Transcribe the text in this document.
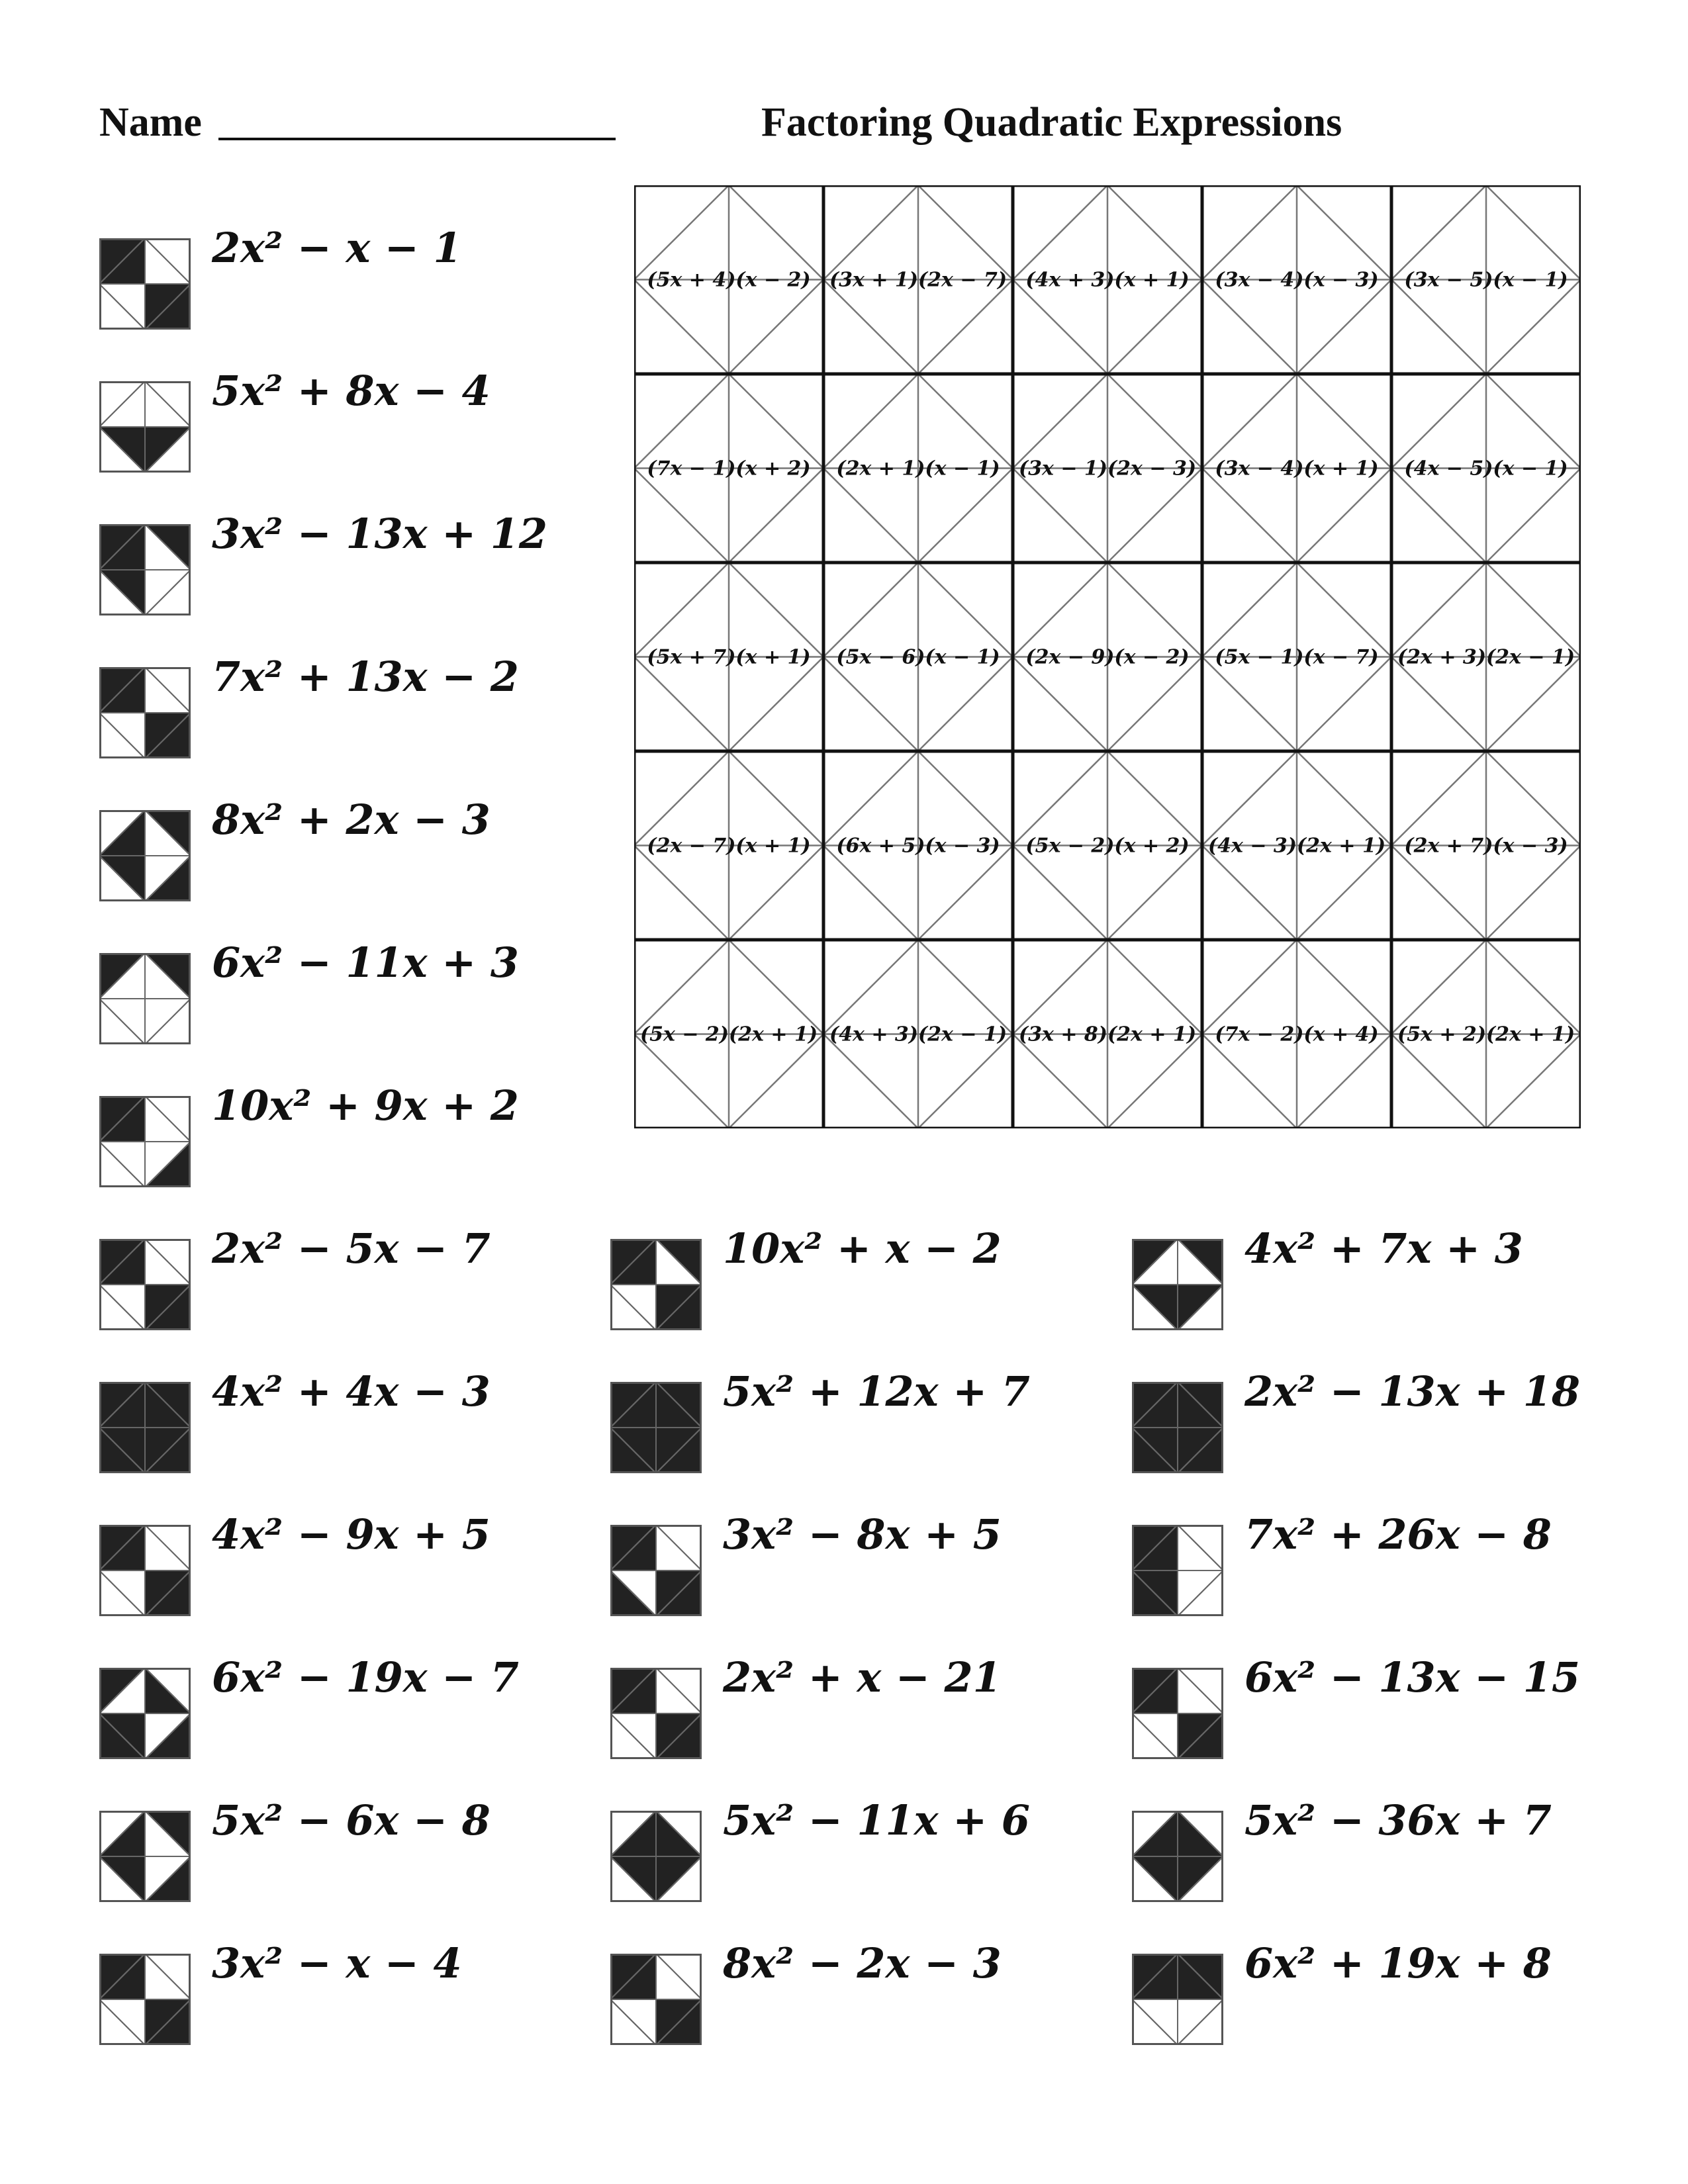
Name	Factoring Quadratic Expressions
(5x + 4)(x − 2) (3x + 1)(2x − 7) (4x + 3)(x + 1) (3x − 4)(x − 3) (3x − 5)(x − 1)
(7x − 1)(x + 2) (2x + 1)(x − 1) (3x − 1)(2x − 3) (3x − 4)(x + 1) (4x − 5)(x − 1)
(5x + 7)(x + 1) (5x − 6)(x − 1) (2x − 9)(x − 2) (5x − 1)(x − 7) (2x + 3)(2x − 1)
(2x − 7)(x + 1) (6x + 5)(x − 3) (5x − 2)(x + 2) (4x − 3)(2x + 1) (2x + 7)(x − 3)
(5x − 2)(2x + 1) (4x + 3)(2x − 1) (3x + 8)(2x + 1) (7x − 2)(x + 4) (5x + 2)(2x + 1)
2x² − x − 1
5x² + 8x − 4
3x² − 13x + 12
7x² + 13x − 2
8x² + 2x − 3
6x² − 11x + 3
10x² + 9x + 2
2x² − 5x − 7
4x² + 4x − 3
4x² − 9x + 5
6x² − 19x − 7
5x² − 6x − 8
3x² − x − 4
10x² + x − 2
5x² + 12x + 7
3x² − 8x + 5
2x² + x − 21
5x² − 11x + 6
8x² − 2x − 3
4x² + 7x + 3
2x² − 13x + 18
7x² + 26x − 8
6x² − 13x − 15
5x² − 36x + 7
6x² + 19x + 8
